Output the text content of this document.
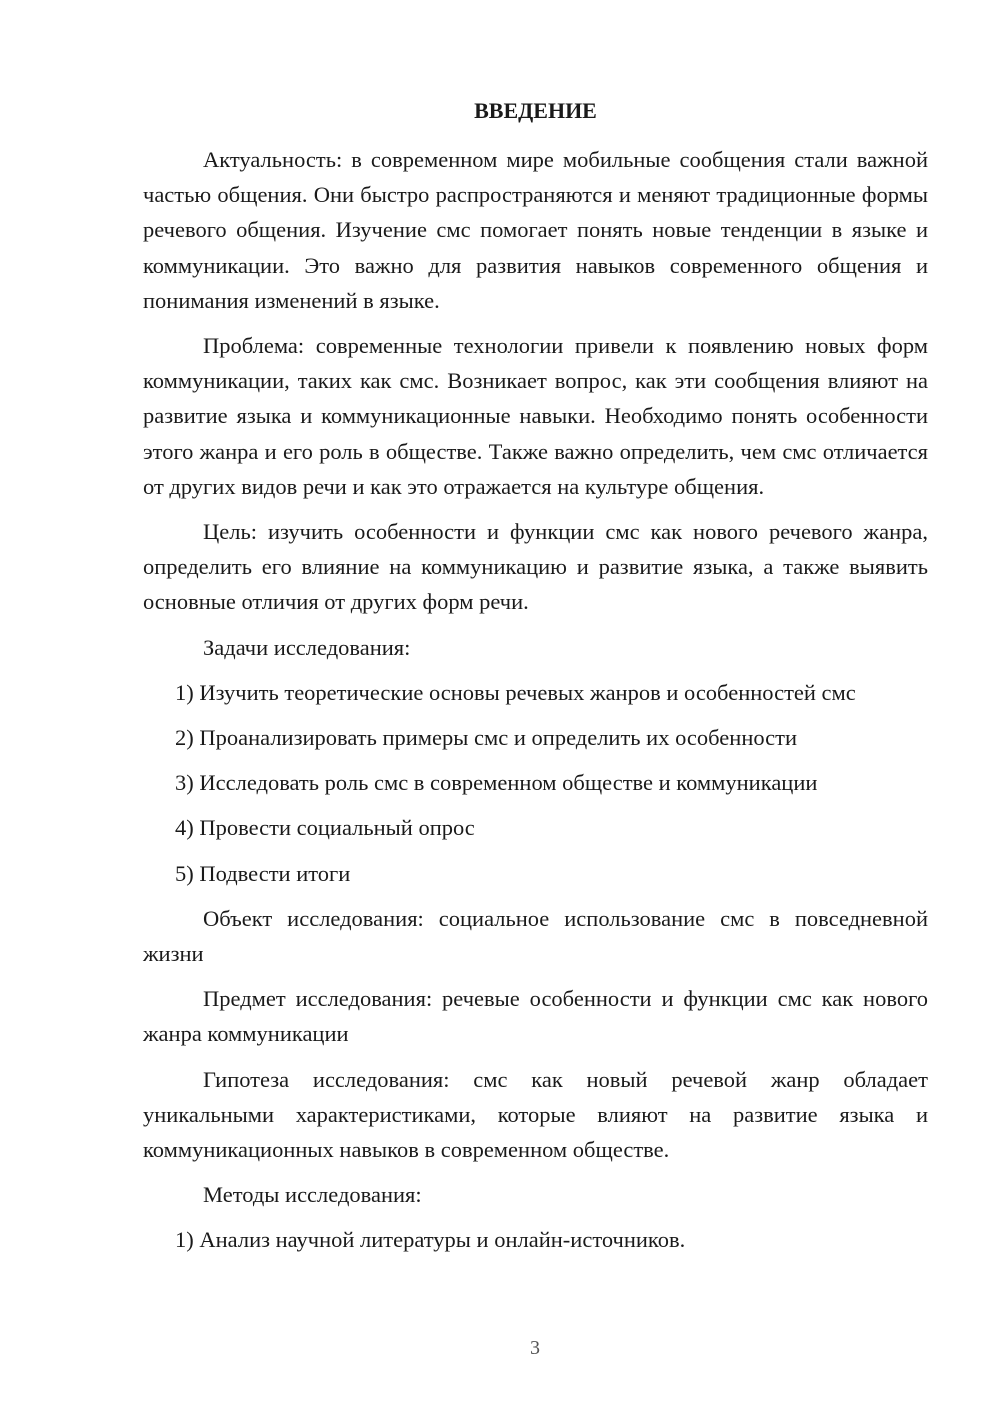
ВВЕДЕНИЕ

Актуальность: в современном мире мобильные сообщения стали важной частью общения. Они быстро распространяются и меняют традиционные формы речевого общения. Изучение смс помогает понять новые тенденции в языке и коммуникации. Это важно для развития навыков современного общения и понимания изменений в языке.

Проблема: современные технологии привели к появлению новых форм коммуникации, таких как смс. Возникает вопрос, как эти сообщения влияют на развитие языка и коммуникационные навыки. Необходимо понять особенности этого жанра и его роль в обществе. Также важно определить, чем смс отличается от других видов речи и как это отражается на культуре общения.

Цель: изучить особенности и функции смс как нового речевого жанра, определить его влияние на коммуникацию и развитие языка, а также выявить основные отличия от других форм речи.

Задачи исследования:

1) Изучить теоретические основы речевых жанров и особенностей смс
2) Проанализировать примеры смс и определить их особенности
3) Исследовать роль смс в современном обществе и коммуникации
4) Провести социальный опрос
5) Подвести итоги

Объект исследования: социальное использование смс в повседневной жизни

Предмет исследования: речевые особенности и функции смс как нового жанра коммуникации

Гипотеза исследования: смс как новый речевой жанр обладает уникальными характеристиками, которые влияют на развитие языка и коммуникационных навыков в современном обществе.

Методы исследования:

1) Анализ научной литературы и онлайн-источников.
3
